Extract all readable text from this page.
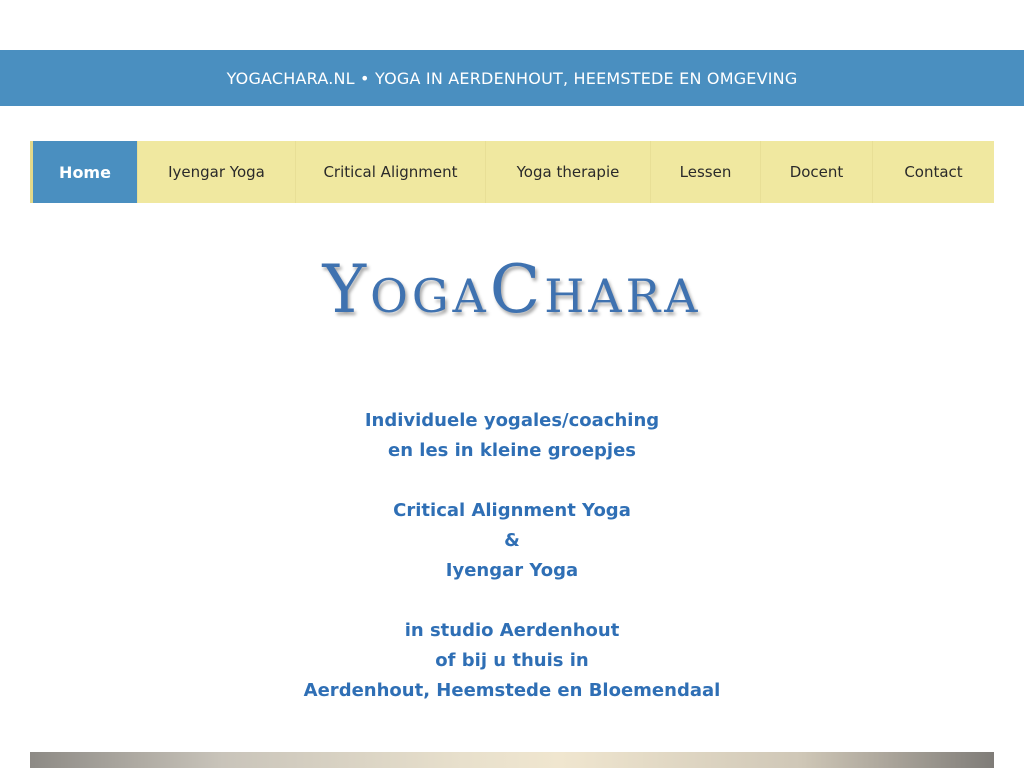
YOGACHARA.NL • YOGA IN AERDENHOUT, HEEMSTEDE EN OMGEVING
Home	Iyengar Yoga	Critical Alignment	Yoga therapie	Lessen	Docent	Contact
YogaChara
Individuele yogales/coaching
en les in kleine groepjes
Critical Alignment Yoga
&
Iyengar Yoga
in studio Aerdenhout
of bij u thuis in
Aerdenhout, Heemstede en Bloemendaal
